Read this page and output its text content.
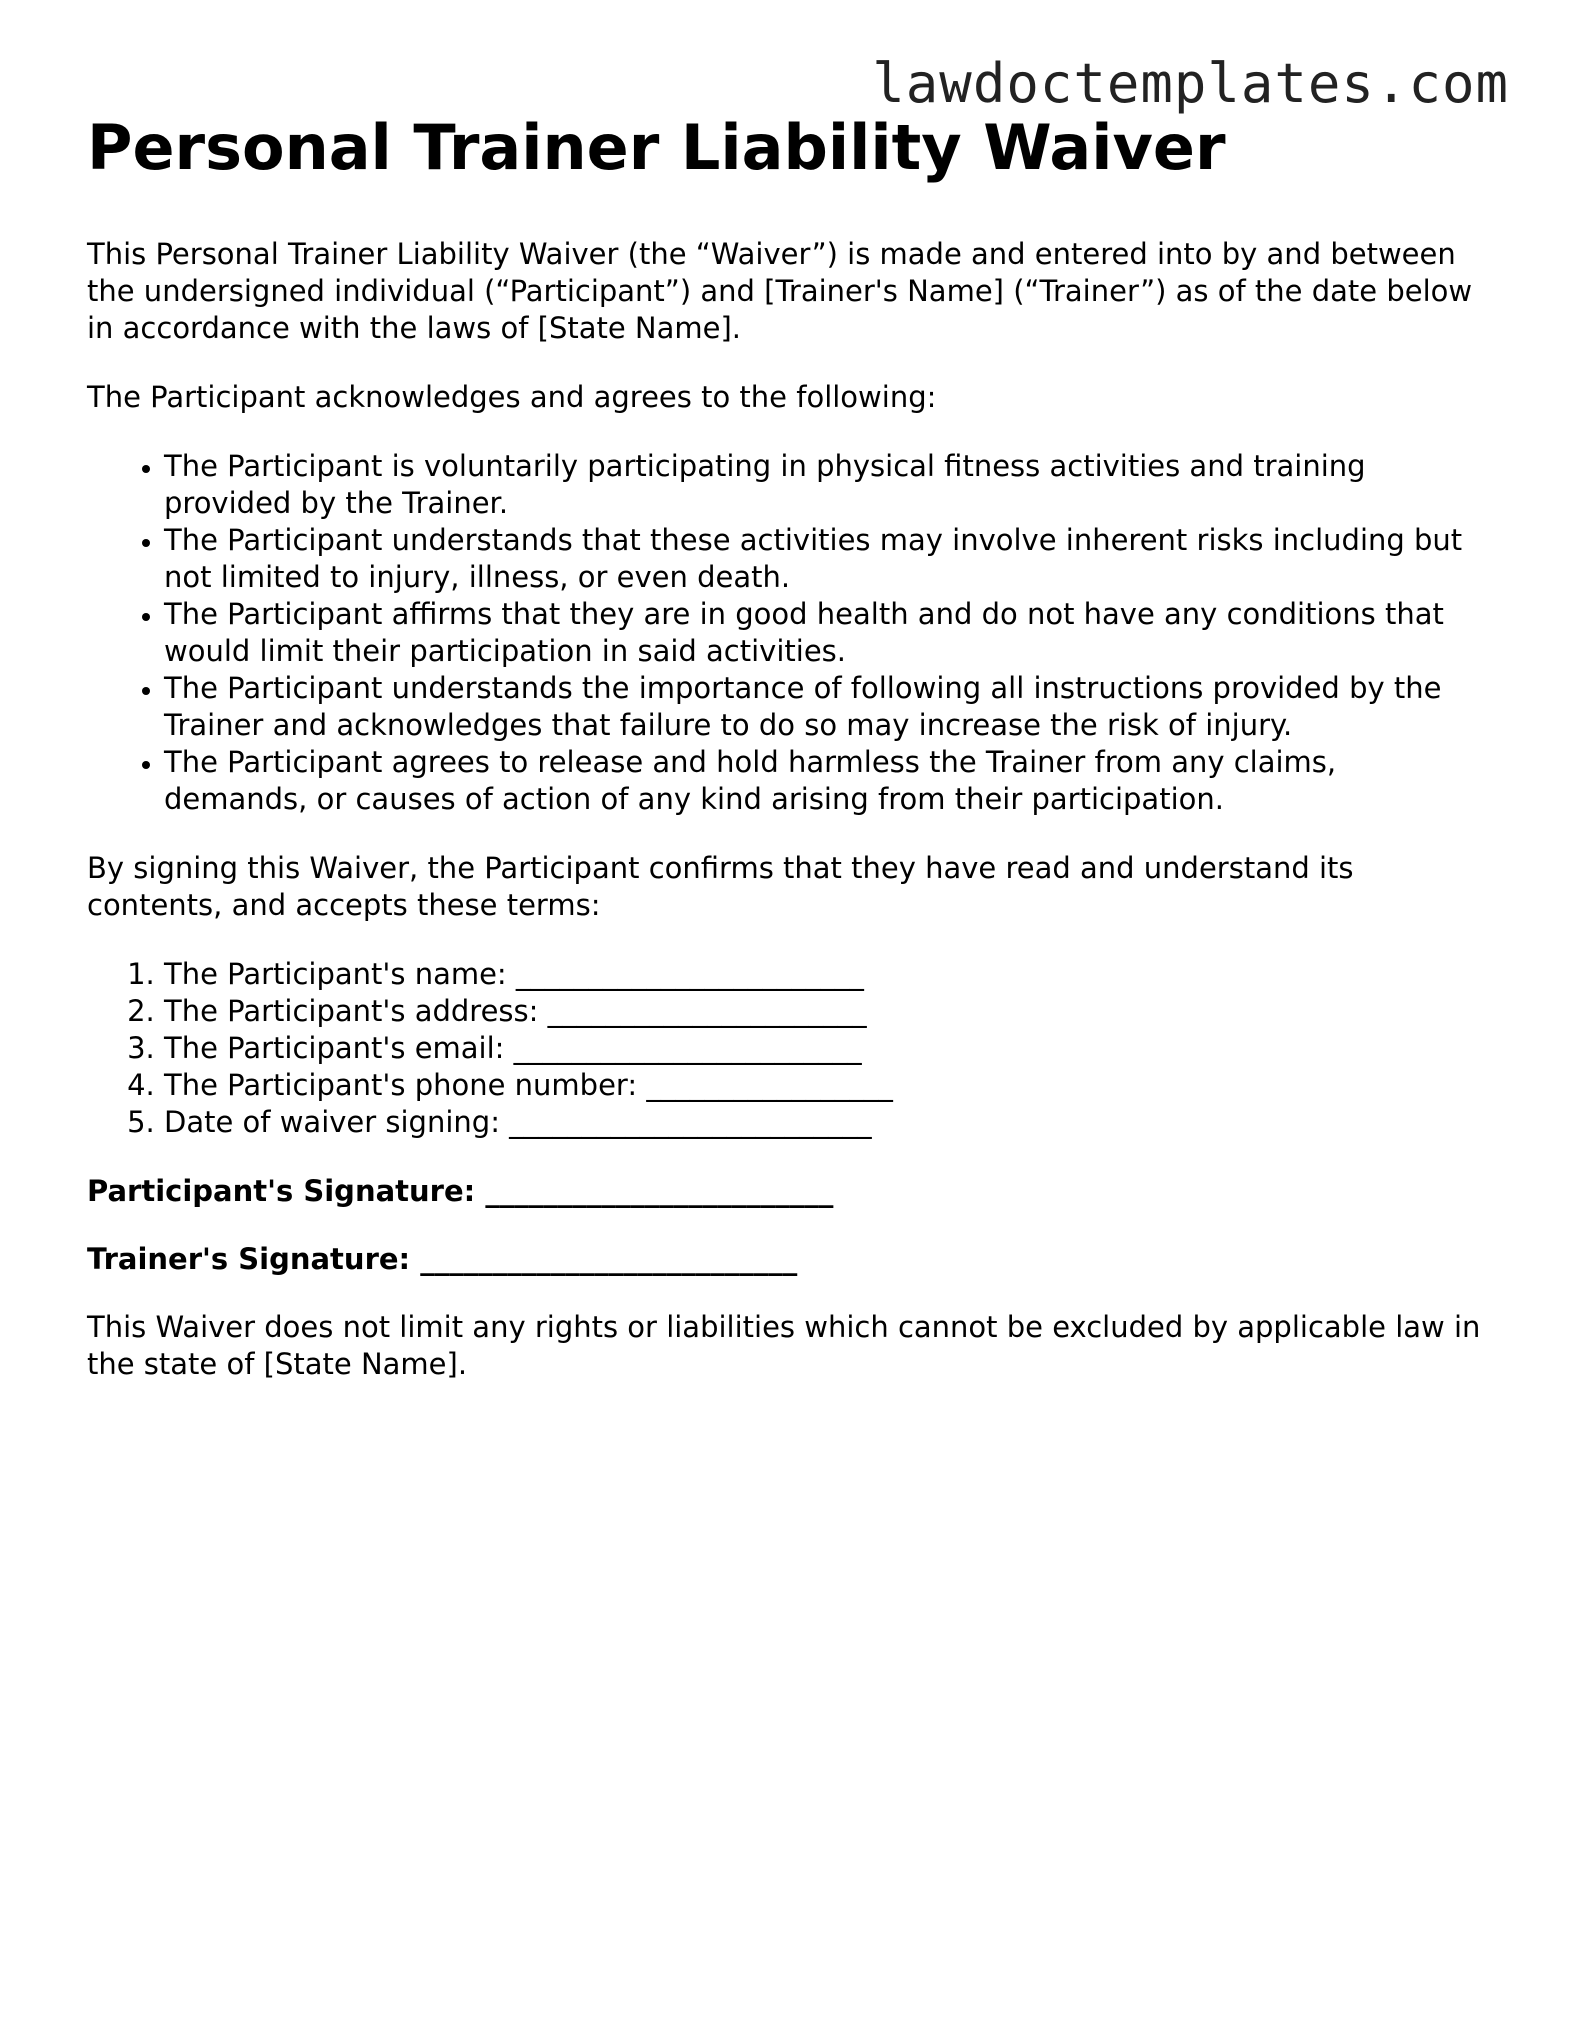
lawdoctemplates.com
Personal Trainer Liability Waiver

This Personal Trainer Liability Waiver (the “Waiver”) is made and entered into by and between the undersigned individual (“Participant”) and [Trainer's Name] (“Trainer”) as of the date below in accordance with the laws of [State Name].

The Participant acknowledges and agrees to the following:

• The Participant is voluntarily participating in physical fitness activities and training provided by the Trainer.
• The Participant understands that these activities may involve inherent risks including but not limited to injury, illness, or even death.
• The Participant affirms that they are in good health and do not have any conditions that would limit their participation in said activities.
• The Participant understands the importance of following all instructions provided by the Trainer and acknowledges that failure to do so may increase the risk of injury.
• The Participant agrees to release and hold harmless the Trainer from any claims, demands, or causes of action of any kind arising from their participation.

By signing this Waiver, the Participant confirms that they have read and understand its contents, and accepts these terms:

1. The Participant's name: ________________________
2. The Participant's address: ______________________
3. The Participant's email: ________________________
4. The Participant's phone number: _________________
5. Date of waiver signing: _________________________

Participant's Signature: ________________________

Trainer's Signature: __________________________

This Waiver does not limit any rights or liabilities which cannot be excluded by applicable law in the state of [State Name].
